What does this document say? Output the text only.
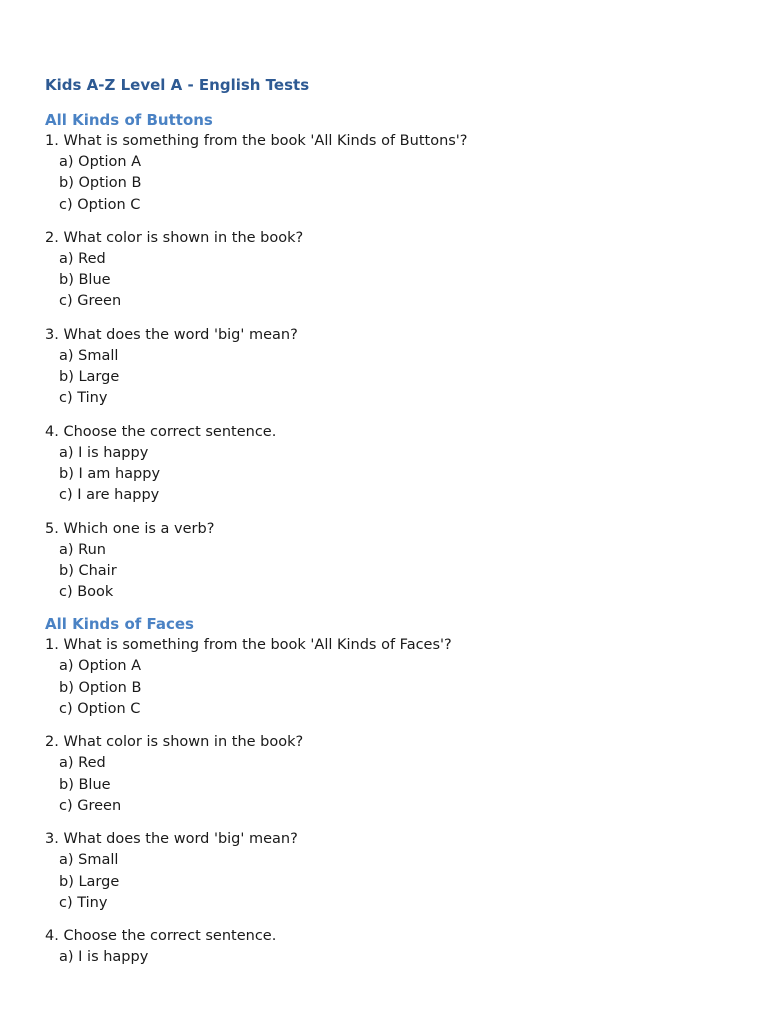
Kids A-Z Level A - English Tests
All Kinds of Buttons
1. What is something from the book 'All Kinds of Buttons'?
a) Option A
b) Option B
c) Option C
2. What color is shown in the book?
a) Red
b) Blue
c) Green
3. What does the word 'big' mean?
a) Small
b) Large
c) Tiny
4. Choose the correct sentence.
a) I is happy
b) I am happy
c) I are happy
5. Which one is a verb?
a) Run
b) Chair
c) Book
All Kinds of Faces
1. What is something from the book 'All Kinds of Faces'?
a) Option A
b) Option B
c) Option C
2. What color is shown in the book?
a) Red
b) Blue
c) Green
3. What does the word 'big' mean?
a) Small
b) Large
c) Tiny
4. Choose the correct sentence.
a) I is happy
